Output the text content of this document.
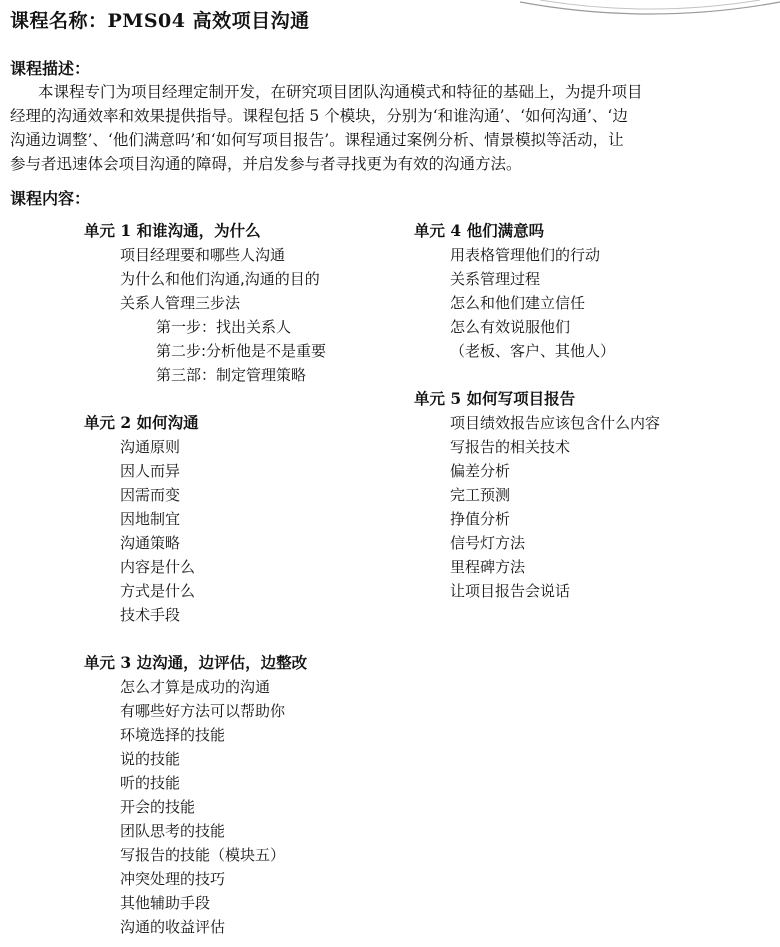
课程名称：PMS04 高效项目沟通
课程描述：
本课程专门为项目经理定制开发，在研究项目团队沟通模式和特征的基础上，为提升项目
经理的沟通效率和效果提供指导。课程包括 5 个模块，分别为‘和谁沟通’、‘如何沟通’、‘边
沟通边调整’、‘他们满意吗’和‘如何写项目报告’。课程通过案例分析、情景模拟等活动，让
参与者迅速体会项目沟通的障碍，并启发参与者寻找更为有效的沟通方法。
课程内容：
单元 1 和谁沟通，为什么
项目经理要和哪些人沟通
为什么和他们沟通,沟通的目的
关系人管理三步法
第一步：找出关系人
第二步:分析他是不是重要
第三部：制定管理策略
单元 2 如何沟通
沟通原则
因人而异
因需而变
因地制宜
沟通策略
内容是什么
方式是什么
技术手段
单元 3 边沟通，边评估，边整改
怎么才算是成功的沟通
有哪些好方法可以帮助你
环境选择的技能
说的技能
听的技能
开会的技能
团队思考的技能
写报告的技能（模块五）
冲突处理的技巧
其他辅助手段
沟通的收益评估
单元 4 他们满意吗
用表格管理他们的行动
关系管理过程
怎么和他们建立信任
怎么有效说服他们
（老板、客户、其他人）
单元 5 如何写项目报告
项目绩效报告应该包含什么内容
写报告的相关技术
偏差分析
完工预测
挣值分析
信号灯方法
里程碑方法
让项目报告会说话
